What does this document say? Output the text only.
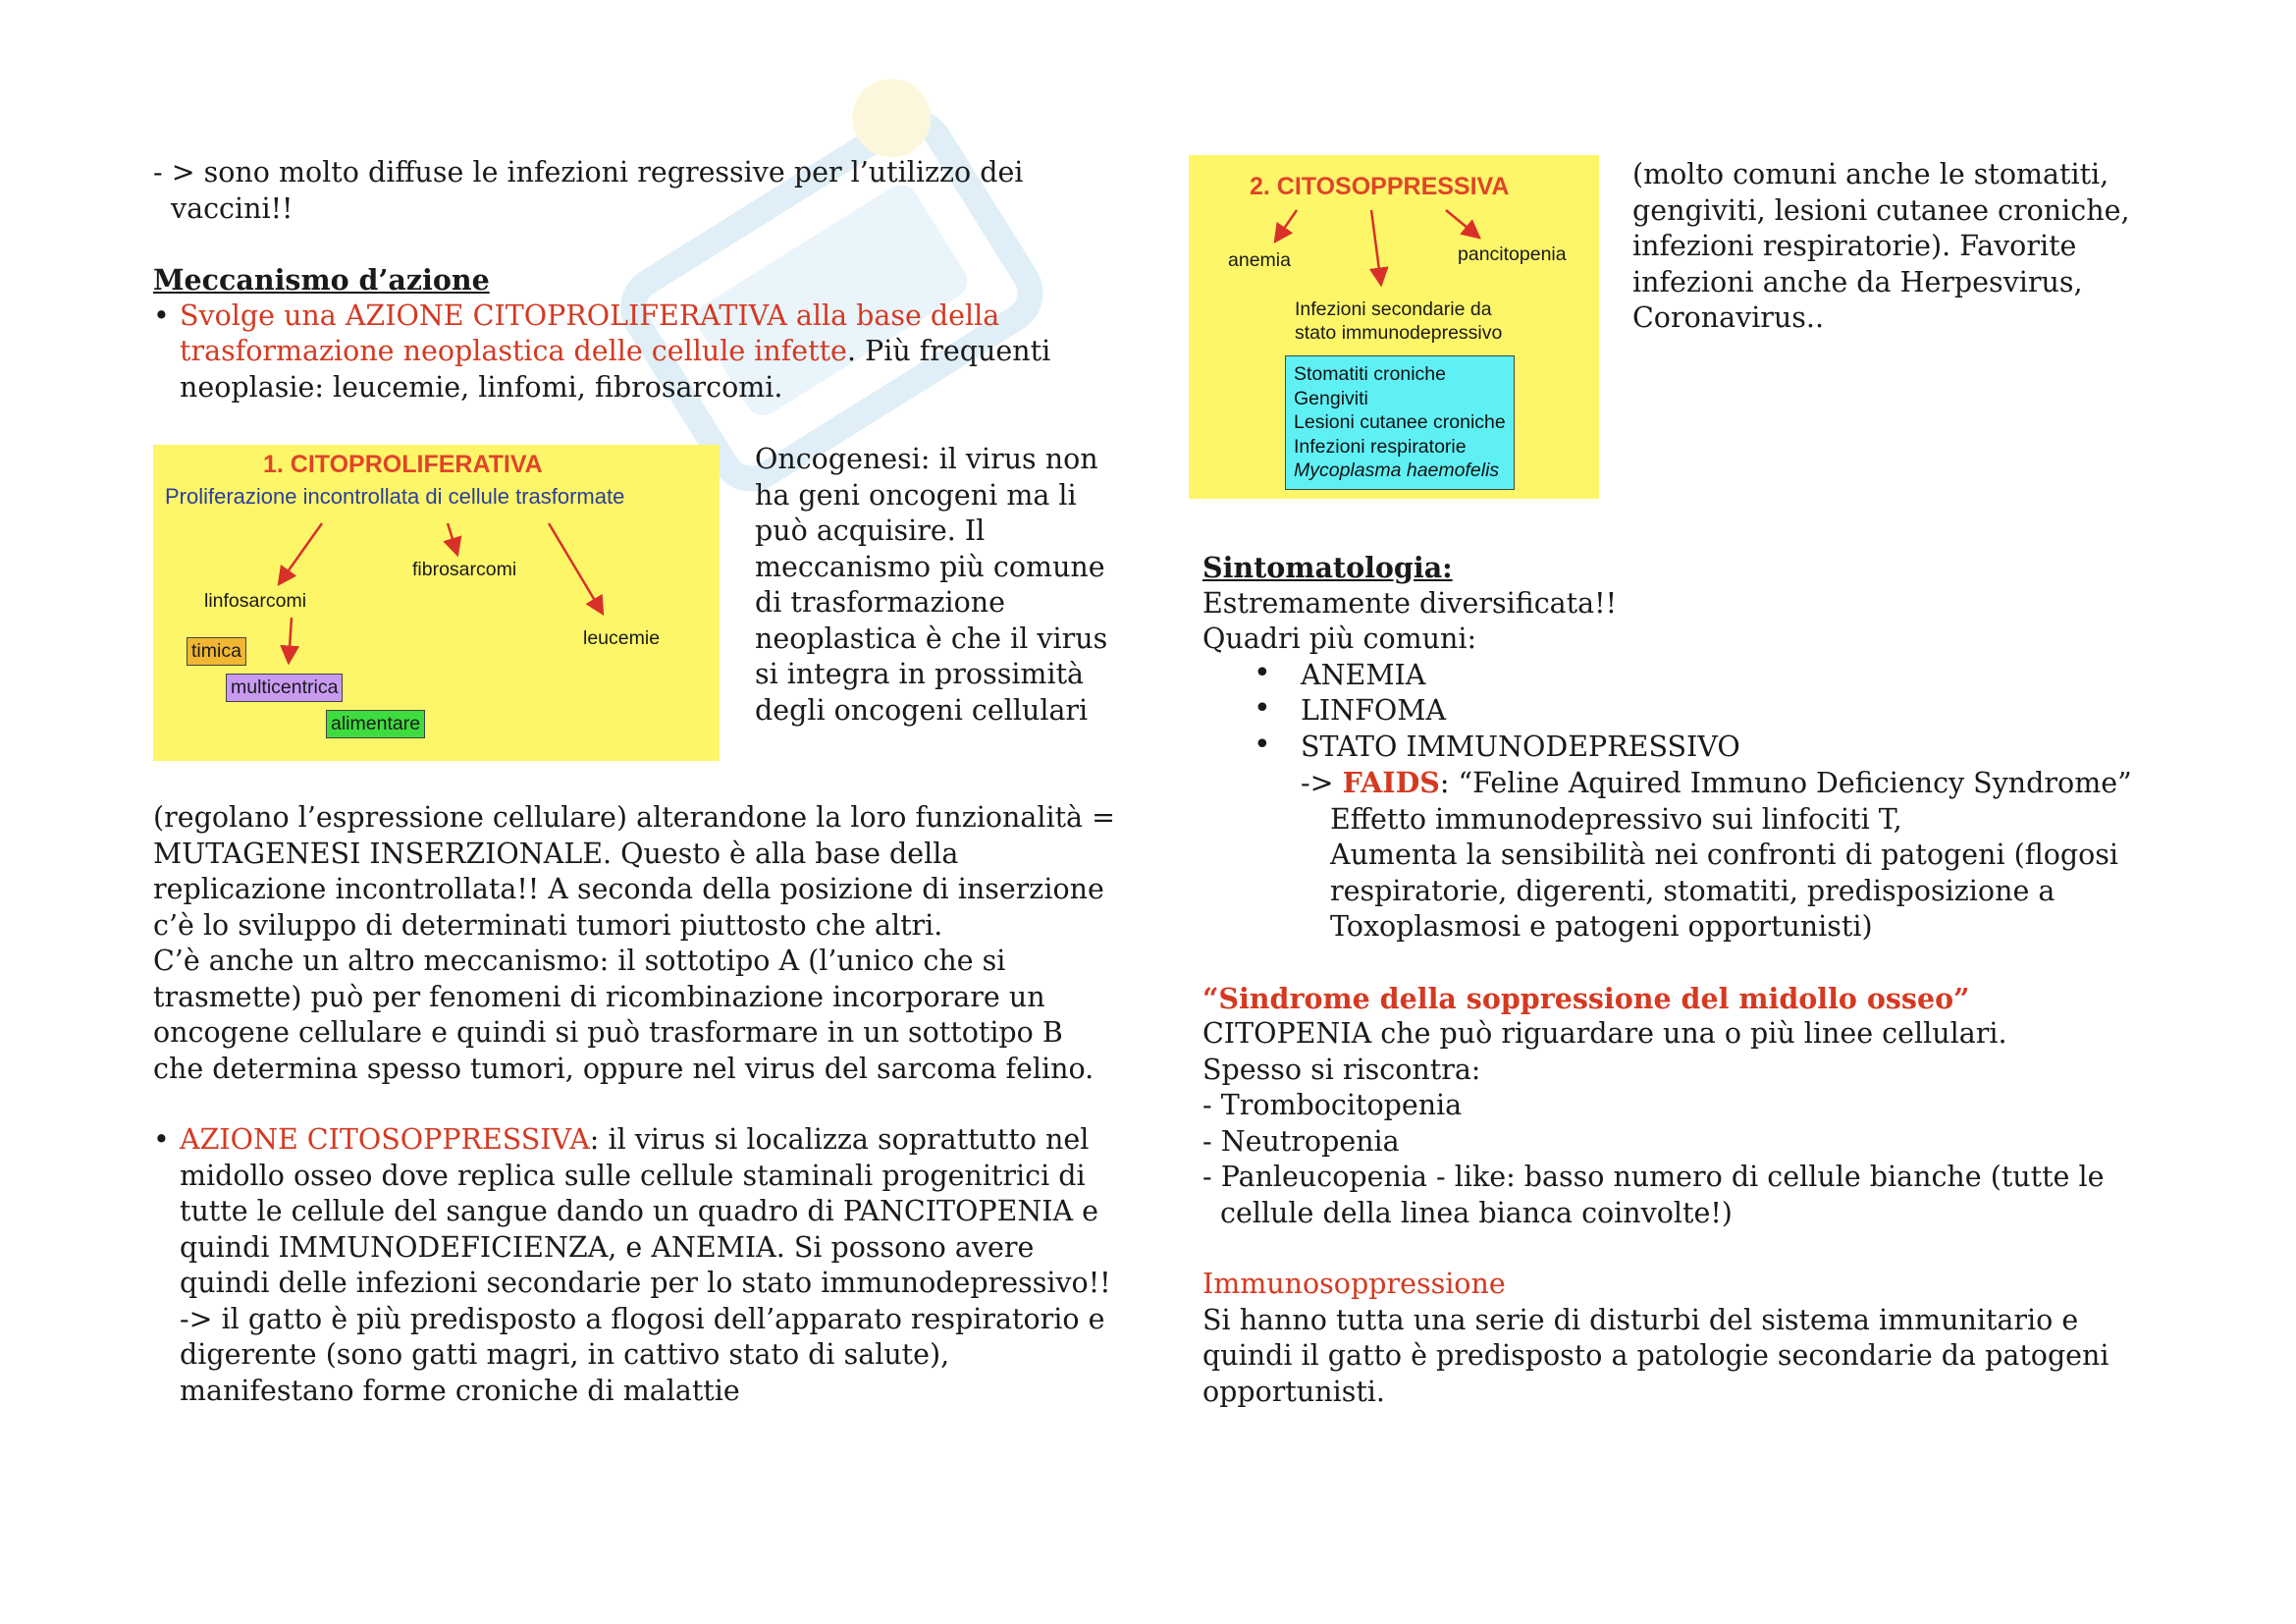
- > sono molto diffuse le infezioni regressive per l’utilizzo dei

vaccini!!

Meccanismo d’azione

• Svolge una AZIONE CITOPROLIFERATIVA alla base della trasformazione neoplastica delle cellule infette. Più frequenti neoplasie: leucemie, linfomi, fibrosarcomi.
1. CITOPROLIFERATIVA
Proliferazione incontrollata di cellule trasformate
linfosarcomi
fibrosarcomi
leucemie
timica
multicentrica
alimentare

Oncogenesi: il virus non ha geni oncogeni ma li può acquisire. Il meccanismo più comune di trasformazione neoplastica è che il virus si integra in prossimità degli oncogeni cellulari

(regolano l’espressione cellulare) alterandone la loro funzionalità = MUTAGENESI INSERZIONALE. Questo è alla base della replicazione incontrollata!! A seconda della posizione di inserzione c’è lo sviluppo di determinati tumori piuttosto che altri.

C’è anche un altro meccanismo: il sottotipo A (l’unico che si trasmette) può per fenomeni di ricombinazione incorporare un oncogene cellulare e quindi si può trasformare in un sottotipo B che determina spesso tumori, oppure nel virus del sarcoma felino.

• AZIONE CITOSOPPRESSIVA: il virus si localizza soprattutto nel midollo osseo dove replica sulle cellule staminali progenitrici di tutte le cellule del sangue dando un quadro di PANCITOPENIA e quindi IMMUNODEFICIENZA, e ANEMIA. Si possono avere quindi delle infezioni secondarie per lo stato immunodepressivo!! -> il gatto è più predisposto a flogosi dell’apparato respiratorio e digerente (sono gatti magri, in cattivo stato di salute), manifestano forme croniche di malattie
2. CITOSOPPRESSIVA
anemia	pancitopenia
Infezioni secondarie da
stato immunodepressivo
Stomatiti croniche
Gengiviti
Lesioni cutanee croniche
Infezioni respiratorie
Mycoplasma haemofelis

(molto comuni anche le stomatiti, gengiviti, lesioni cutanee croniche, infezioni respiratorie). Favorite infezioni anche da Herpesvirus, Coronavirus..

Sintomatologia:

Estremamente diversificata!!

Quadri più comuni:

• ANEMIA
• LINFOMA
• STATO IMMUNODEPRESSIVO

-> FAIDS: “Feline Aquired Immuno Deficiency Syndrome”

Effetto immunodepressivo sui linfociti T,

Aumenta la sensibilità nei confronti di patogeni (flogosi respiratorie, digerenti, stomatiti, predisposizione a Toxoplasmosi e patogeni opportunisti)

“Sindrome della soppressione del midollo osseo”

CITOPENIA che può riguardare una o più linee cellulari.

Spesso si riscontra:

- Trombocitopenia

- Neutropenia

- Panleucopenia - like: basso numero di cellule bianche (tutte le cellule della linea bianca coinvolte!)

Immunosoppressione

Si hanno tutta una serie di disturbi del sistema immunitario e quindi il gatto è predisposto a patologie secondarie da patogeni opportunisti.
